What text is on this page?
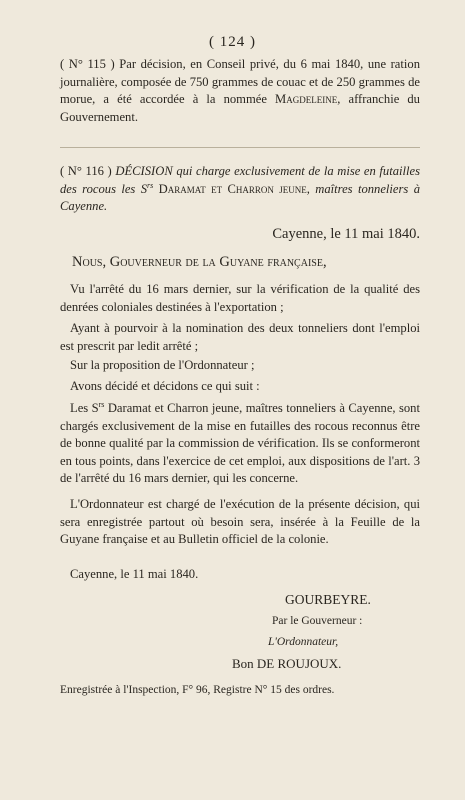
( 124 )

( N° 115 ) Par décision, en Conseil privé, du 6 mai 1840, une ration journalière, composée de 750 grammes de couac et de 250 grammes de morue, a été accordée à la nommée Magdeleine, affranchie du Gouvernement.

( N° 116 ) DÉCISION qui charge exclusivement de la mise en futailles des rocous les $S^{rs}$ Daramat et Charron jeune, maîtres tonneliers à Cayenne.

Cayenne, le 11 mai 1840.
Nous, Gouverneur de la Guyane française,

Vu l'arrêté du 16 mars dernier, sur la vérification de la qualité des denrées coloniales destinées à l'exportation ;

Ayant à pourvoir à la nomination des deux tonneliers dont l'emploi est prescrit par ledit arrêté ;

Sur la proposition de l'Ordonnateur ;

Avons décidé et décidons ce qui suit :

Les $S^{rs}$ Daramat et Charron jeune, maîtres tonneliers à Cayenne, sont chargés exclusivement de la mise en futailles des rocous reconnus être de bonne qualité par la commission de vérification. Ils se conformeront en tous points, dans l'exercice de cet emploi, aux dispositions de l'art. 3 de l'arrêté du 16 mars dernier, qui les concerne.

L'Ordonnateur est chargé de l'exécution de la présente décision, qui sera enregistrée partout où besoin sera, insérée à la Feuille de la Guyane française et au Bulletin officiel de la colonie.

Cayenne, le 11 mai 1840.

GOURBEYRE.
Par le Gouverneur :
L'Ordonnateur,
Bon DE ROUJOUX.
Enregistrée à l'Inspection, F° 96, Registre N° 15 des ordres.
